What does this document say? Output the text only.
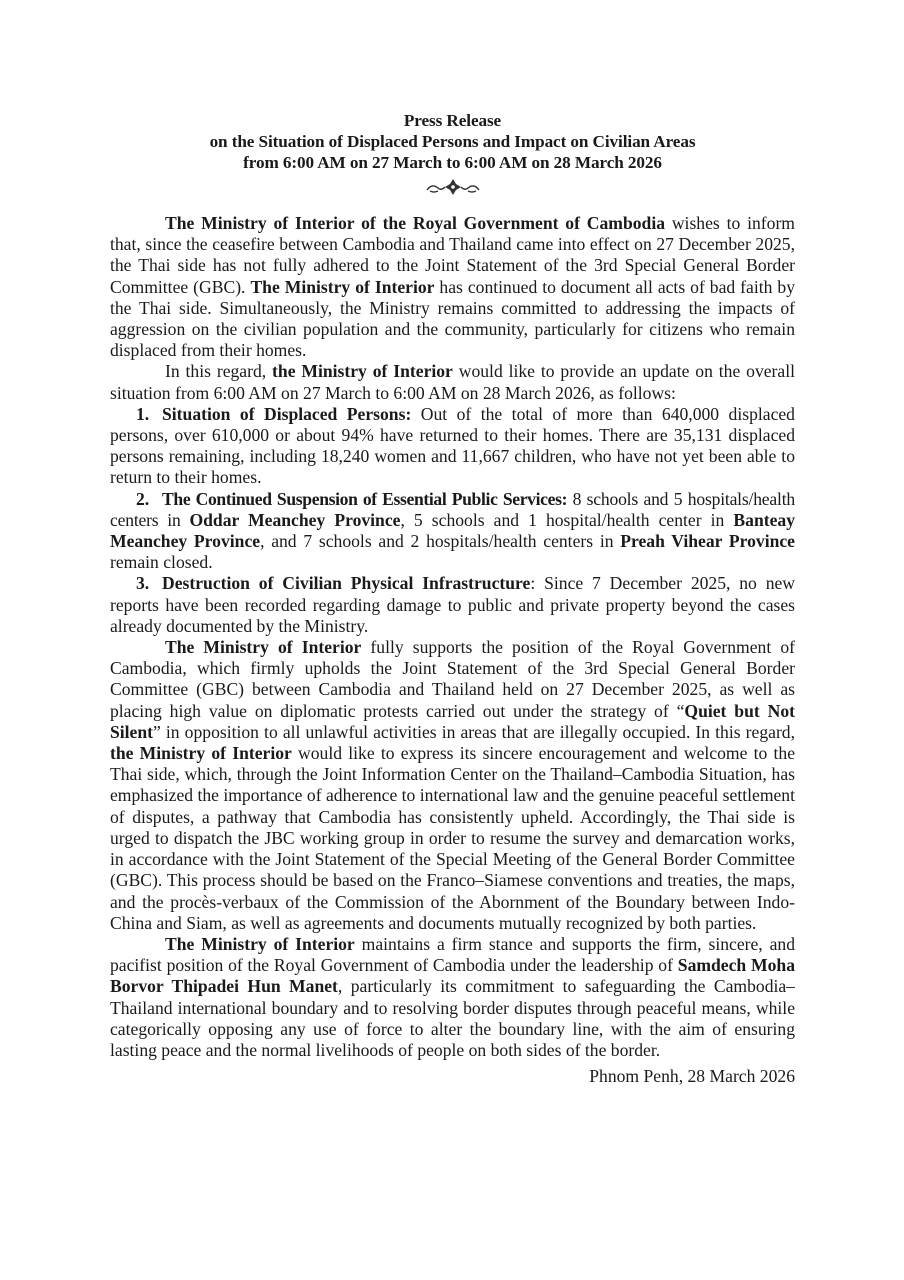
Press Release
on the Situation of Displaced Persons and Impact on Civilian Areas
from 6:00 AM on 27 March to 6:00 AM on 28 March 2026

The Ministry of Interior of the Royal Government of Cambodia wishes to inform that, since the ceasefire between Cambodia and Thailand came into effect on 27 December 2025, the Thai side has not fully adhered to the Joint Statement of the 3rd Special General Border Committee (GBC). The Ministry of Interior has continued to document all acts of bad faith by the Thai side. Simultaneously, the Ministry remains committed to addressing the impacts of aggression on the civilian population and the community, particularly for citizens who remain displaced from their homes.

In this regard, the Ministry of Interior would like to provide an update on the overall situation from 6:00 AM on 27 March to 6:00 AM on 28 March 2026, as follows:

1. Situation of Displaced Persons: Out of the total of more than 640,000 displaced persons, over 610,000 or about 94% have returned to their homes. There are 35,131 displaced persons remaining, including 18,240 women and 11,667 children, who have not yet been able to return to their homes.

2. The Continued Suspension of Essential Public Services: 8 schools and 5 hospitals/health centers in Oddar Meanchey Province, 5 schools and 1 hospital/health center in Banteay Meanchey Province, and 7 schools and 2 hospitals/health centers in Preah Vihear Province remain closed.

3. Destruction of Civilian Physical Infrastructure: Since 7 December 2025, no new reports have been recorded regarding damage to public and private property beyond the cases already documented by the Ministry.

The Ministry of Interior fully supports the position of the Royal Government of Cambodia, which firmly upholds the Joint Statement of the 3rd Special General Border Committee (GBC) between Cambodia and Thailand held on 27 December 2025, as well as placing high value on diplomatic protests carried out under the strategy of “Quiet but Not Silent” in opposition to all unlawful activities in areas that are illegally occupied. In this regard, the Ministry of Interior would like to express its sincere encouragement and welcome to the Thai side, which, through the Joint Information Center on the Thailand–Cambodia Situation, has emphasized the importance of adherence to international law and the genuine peaceful settlement of disputes, a pathway that Cambodia has consistently upheld. Accordingly, the Thai side is urged to dispatch the JBC working group in order to resume the survey and demarcation works, in accordance with the Joint Statement of the Special Meeting of the General Border Committee (GBC). This process should be based on the Franco–Siamese conventions and treaties, the maps, and the procès-verbaux of the Commission of the Abornment of the Boundary between Indo-China and Siam, as well as agreements and documents mutually recognized by both parties.

The Ministry of Interior maintains a firm stance and supports the firm, sincere, and pacifist position of the Royal Government of Cambodia under the leadership of Samdech Moha Borvor Thipadei Hun Manet, particularly its commitment to safeguarding the Cambodia–Thailand international boundary and to resolving border disputes through peaceful means, while categorically opposing any use of force to alter the boundary line, with the aim of ensuring lasting peace and the normal livelihoods of people on both sides of the border.

Phnom Penh, 28 March 2026
